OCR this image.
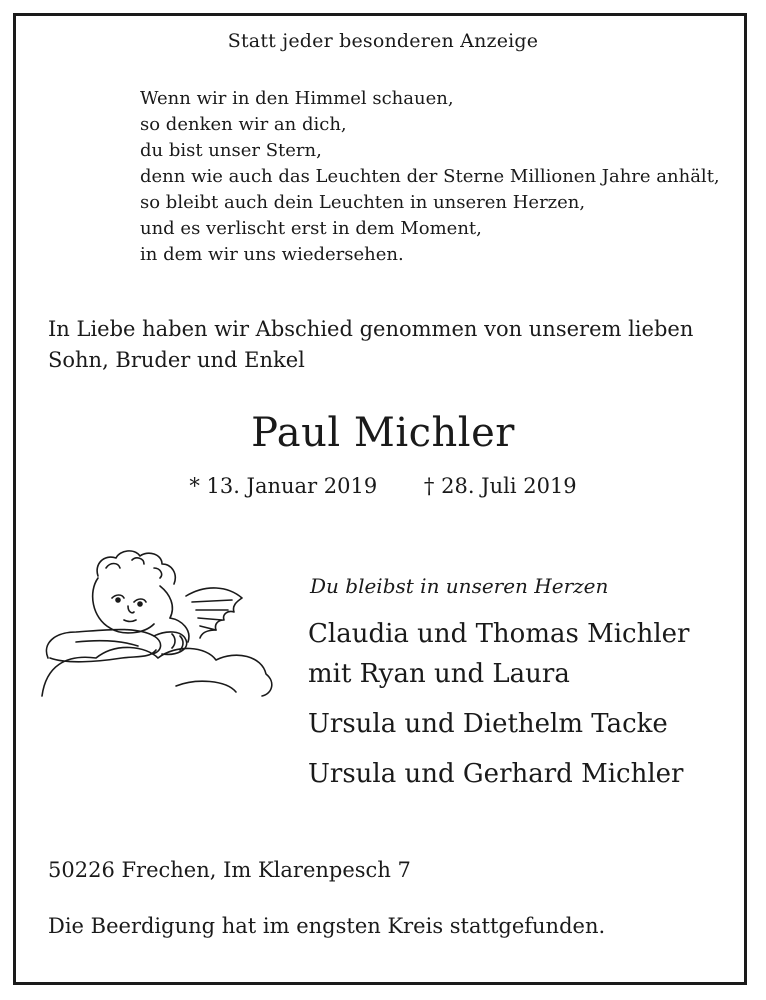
Statt jeder besonderen Anzeige
Wenn wir in den Himmel schauen,
so denken wir an dich,
du bist unser Stern,
denn wie auch das Leuchten der Sterne Millionen Jahre anhält,
so bleibt auch dein Leuchten in unseren Herzen,
und es verlischt erst in dem Moment,
in dem wir uns wiedersehen.
In Liebe haben wir Abschied genommen von unserem lieben
Sohn, Bruder und Enkel
Paul Michler
* 13. Januar 2019 † 28. Juli 2019
Du bleibst in unseren Herzen
Claudia und Thomas Michler
mit Ryan und Laura
Ursula und Diethelm Tacke
Ursula und Gerhard Michler
50226 Frechen, Im Klarenpesch 7
Die Beerdigung hat im engsten Kreis stattgefunden.
